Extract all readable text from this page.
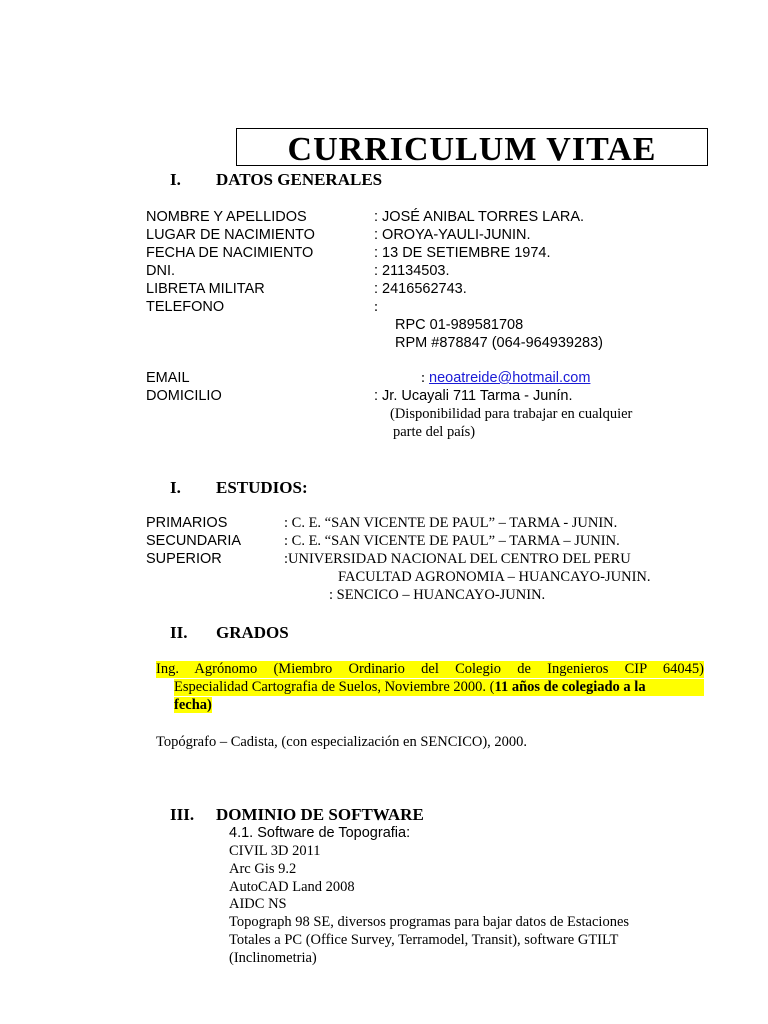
CURRICULUM VITAE
I. DATOS GENERALES
NOMBRE Y APELLIDOS	: JOSÉ ANIBAL TORRES LARA.
LUGAR DE NACIMIENTO	: OROYA-YAULI-JUNIN.
FECHA DE NACIMIENTO	: 13 DE SETIEMBRE 1974.
DNI.	: 21134503.
LIBRETA MILITAR	: 2416562743.
TELEFONO	:
RPC 01-989581708
RPM #878847 (064-964939283)
EMAIL	: neoatreide@hotmail.com
DOMICILIO	: Jr. Ucayali 711 Tarma - Junín.
(Disponibilidad para trabajar en cualquier
parte del país)
I. ESTUDIOS:
PRIMARIOS	: C. E. “SAN VICENTE DE PAUL” – TARMA - JUNIN.
SECUNDARIA	: C. E. “SAN VICENTE DE PAUL” – TARMA – JUNIN.
SUPERIOR	:UNIVERSIDAD NACIONAL DEL CENTRO DEL PERU
FACULTAD AGRONOMIA – HUANCAYO-JUNIN.
: SENCICO – HUANCAYO-JUNIN.
II. GRADOS
Ing. Agrónomo (Miembro Ordinario del Colegio de Ingenieros CIP 64045)
Especialidad Cartografia de Suelos, Noviembre 2000. (11 años de colegiado a la
fecha)
Topógrafo – Cadista, (con especialización en SENCICO), 2000.
III. DOMINIO DE SOFTWARE
4.1. Software de Topografia:
CIVIL 3D 2011
Arc Gis 9.2
AutoCAD Land 2008
AIDC NS
Topograph 98 SE, diversos programas para bajar datos de Estaciones
Totales a PC (Office Survey, Terramodel, Transit), software GTILT
(Inclinometria)
